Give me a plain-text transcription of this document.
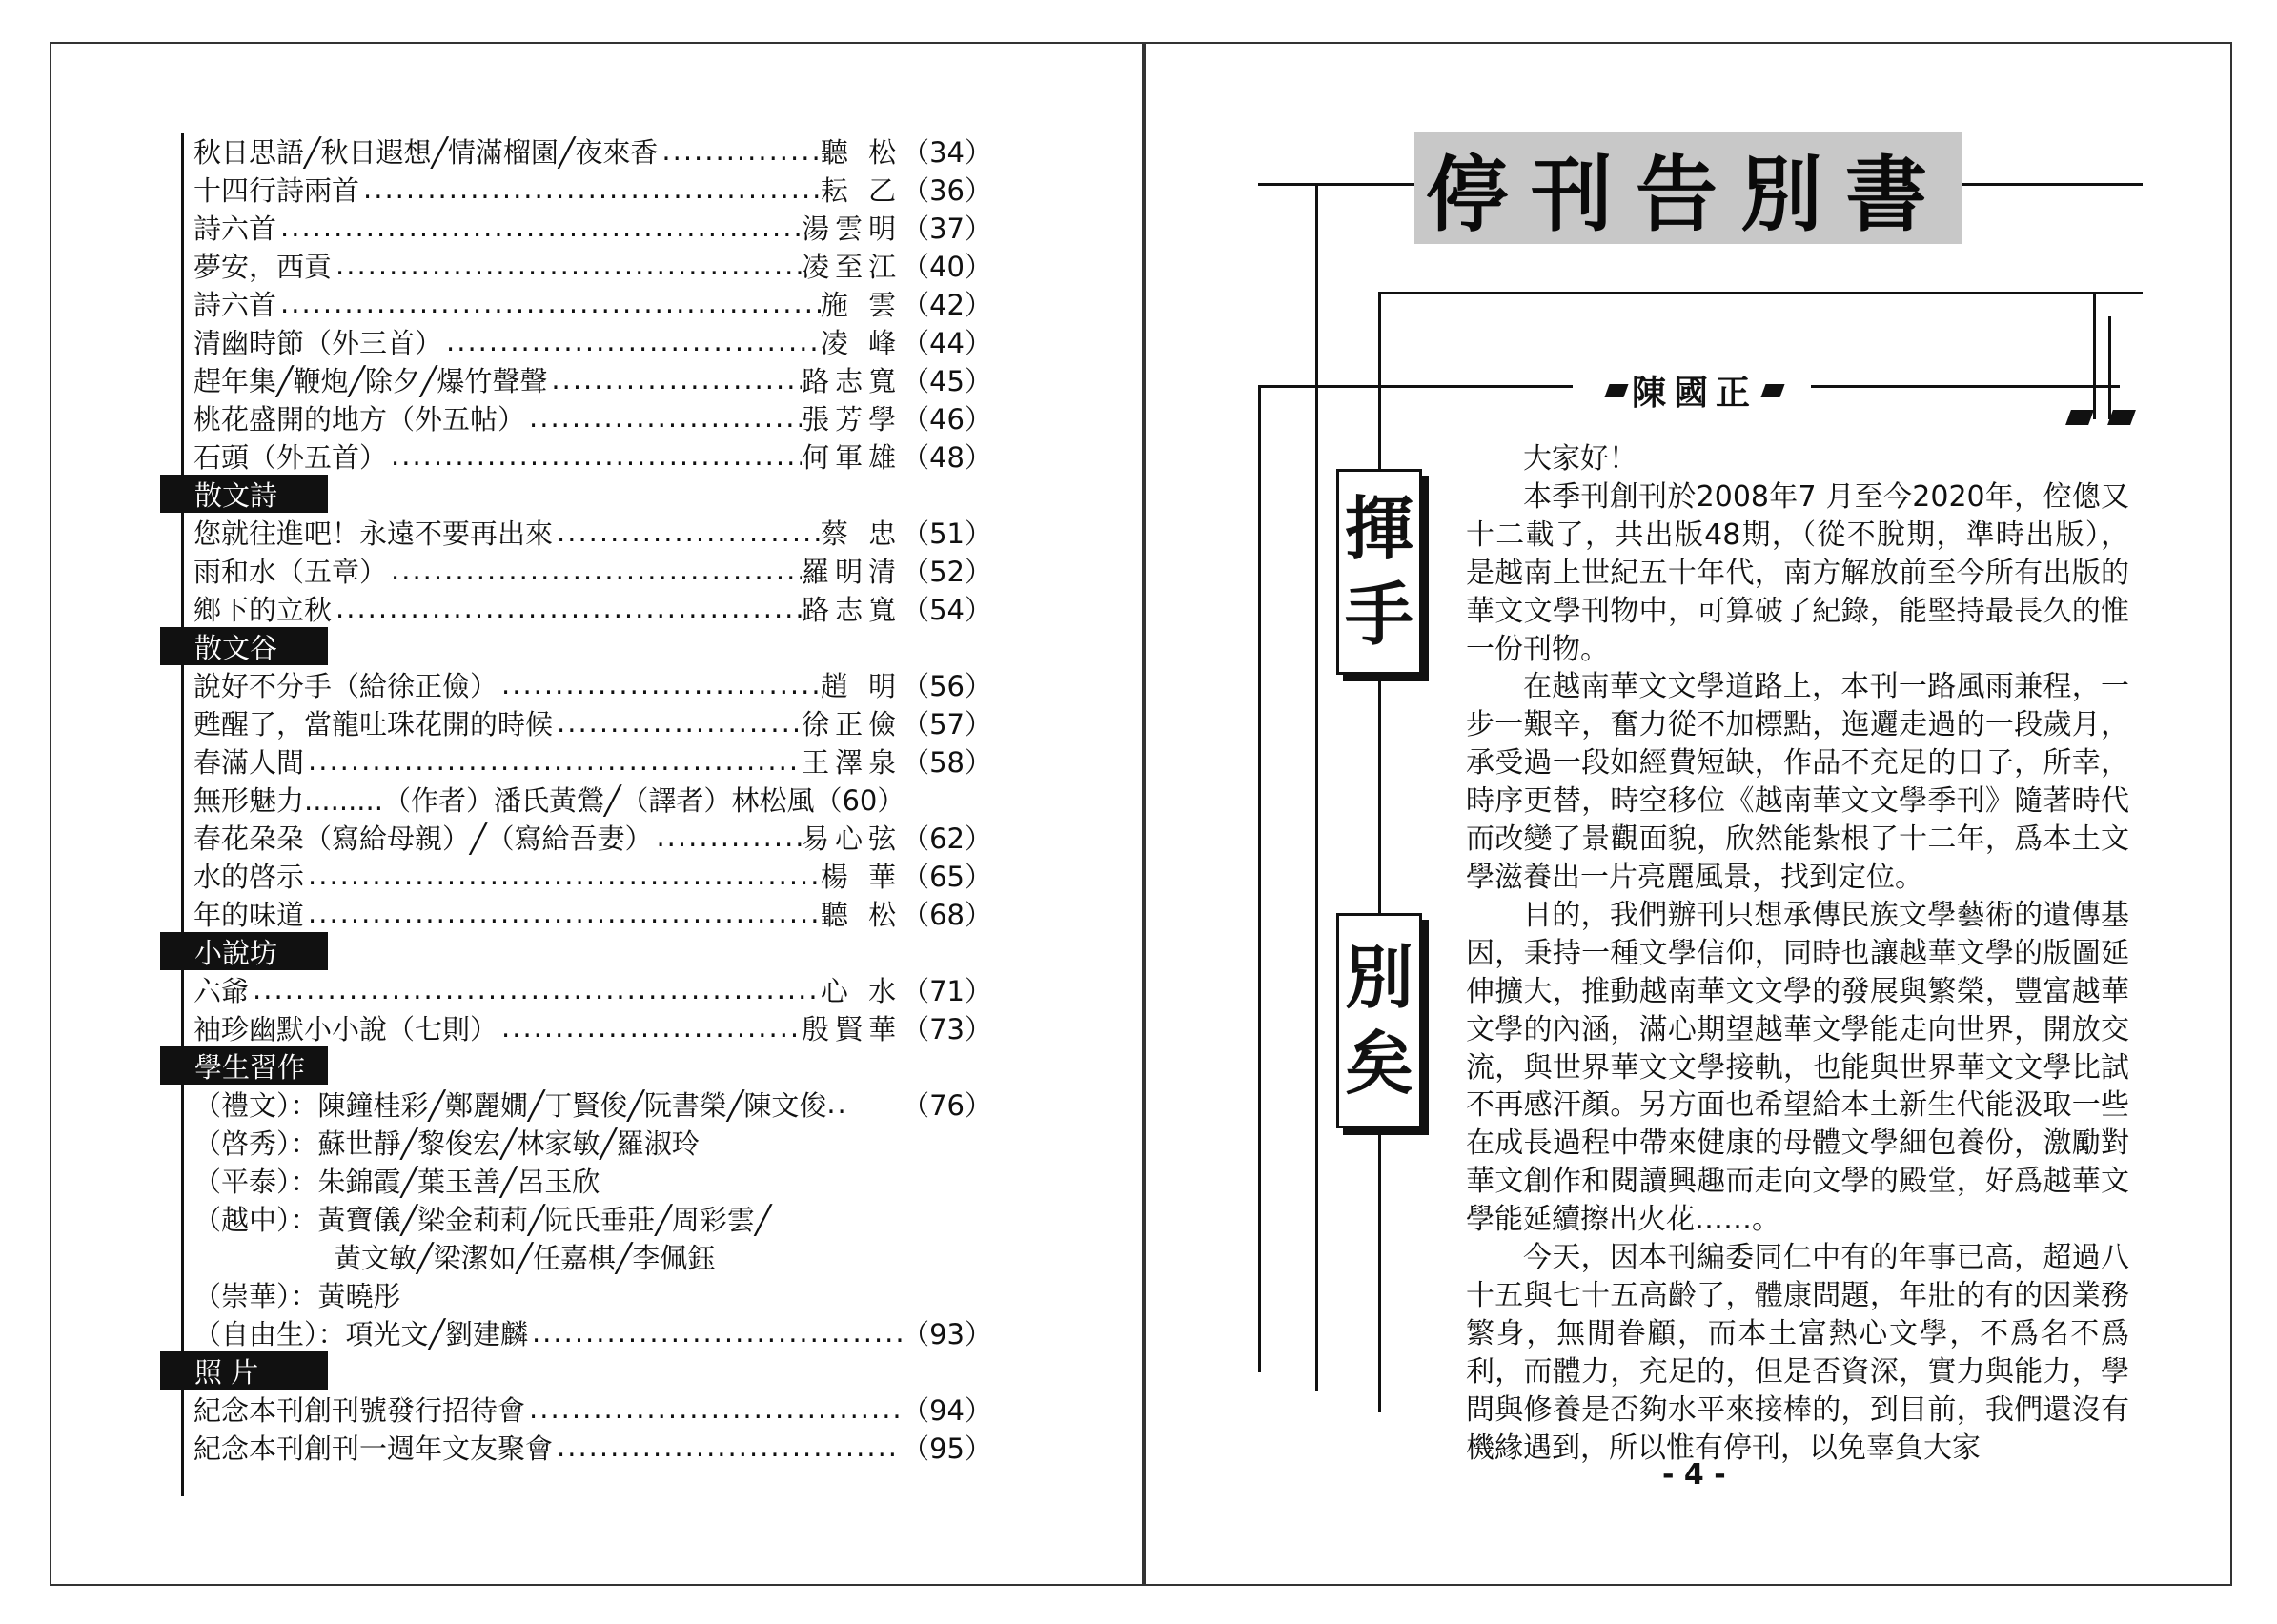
秋日思語╱秋日遐想╱情滿榴園╱夜來香 .....	聽 松 （34）
十四行詩兩首 .....	耘 乙 （36）
詩六首 .....	湯雲明 （37）
夢安，西貢 .....	凌至江 （40）
詩六首 .....	施 雲 （42）
清幽時節（外三首） .....	凌 峰 （44）
趕年集╱鞭炮╱除夕╱爆竹聲聲 .....	路志寬 （45）
桃花盛開的地方（外五帖） .....	張芳學 （46）
石頭（外五首） .....	何軍雄 （48）
散文詩
您就往進吧！永遠不要再出來 .....	蔡 忠 （51）
雨和水（五章） .....	羅明清 （52）
鄉下的立秋 .....	路志寬 （54）
散文谷
說好不分手（給徐正儉） .....	趙 明 （56）
甦醒了，當龍吐珠花開的時候 .....	徐正儉 （57）
春滿人間 .....	王澤泉 （58）
無形魅力.........（作者）潘氏黃鶯╱（譯者） 林松風 （60）
春花朶朶（寫給母親）╱（寫給吾妻） .....	易心弦 （62）
水的啓示 .....	楊 華 （65）
年的味道 .....	聽 松 （68）
小說坊
六爺 .....	心 水 （71）
袖珍幽默小小說（七則） .....	殷賢華 （73）
學生習作
（禮文）：陳鐘桂彩╱鄭麗嫺╱丁賢俊╱阮書榮╱陳文俊 ..	（76）
（啓秀）：蘇世靜╱黎俊宏╱林家敏╱羅淑玲
（平泰）：朱錦霞╱葉玉善╱呂玉欣
（越中）：黃寶儀╱梁金莉莉╱阮氏垂莊╱周彩雲╱
黃文敏╱梁潔如╱任嘉棋╱李佩鈺
（崇華）：黃曉彤
（自由生）：項光文╱劉建麟 .....	（93）
照 片
紀念本刊創刊號發行招待會 .....	（94）
紀念本刊創刊一週年文友聚會 .....	（95）
停刊告別書
陳國正
揮
手
別
矣

大家好！

本季刊創刊於2008年7 月至今2020年，倥傯又十二載了，共出版48期，（從不脫期，準時出版），是越南上世紀五十年代，南方解放前至今所有出版的華文文學刊物中，可算破了紀錄，能堅持最長久的惟一份刊物。

在越南華文文學道路上，本刊一路風雨兼程，一步一艱辛，奮力從不加標點，迤邐走過的一段歲月，承受過一段如經費短缺，作品不充足的日子，所幸，時序更替，時空移位《越南華文文學季刊》隨著時代而改變了景觀面貌，欣然能紮根了十二年，爲本土文學滋養出一片亮麗風景，找到定位。

目的，我們辦刊只想承傳民族文學藝術的遺傳基因，秉持一種文學信仰，同時也讓越華文學的版圖延伸擴大，推動越南華文文學的發展與繁榮，豐富越華文學的內涵，滿心期望越華文學能走向世界，開放交流，與世界華文文學接軌，也能與世界華文文學比試不再感汗顏。另方面也希望給本土新生代能汲取一些在成長過程中帶來健康的母體文學細包養份，激勵對華文創作和閱讀興趣而走向文學的殿堂，好爲越華文學能延續擦出火花……。

今天，因本刊編委同仁中有的年事已高，超過八十五與七十五高齡了，體康問題，年壯的有的因業務繁身，無閒眷顧，而本土富熱心文學，不爲名不爲利，而體力，充足的，但是否資深，實力與能力，學問與修養是否夠水平來接棒的，到目前，我們還沒有機緣遇到，所以惟有停刊，以免辜負大家

- 4 -
